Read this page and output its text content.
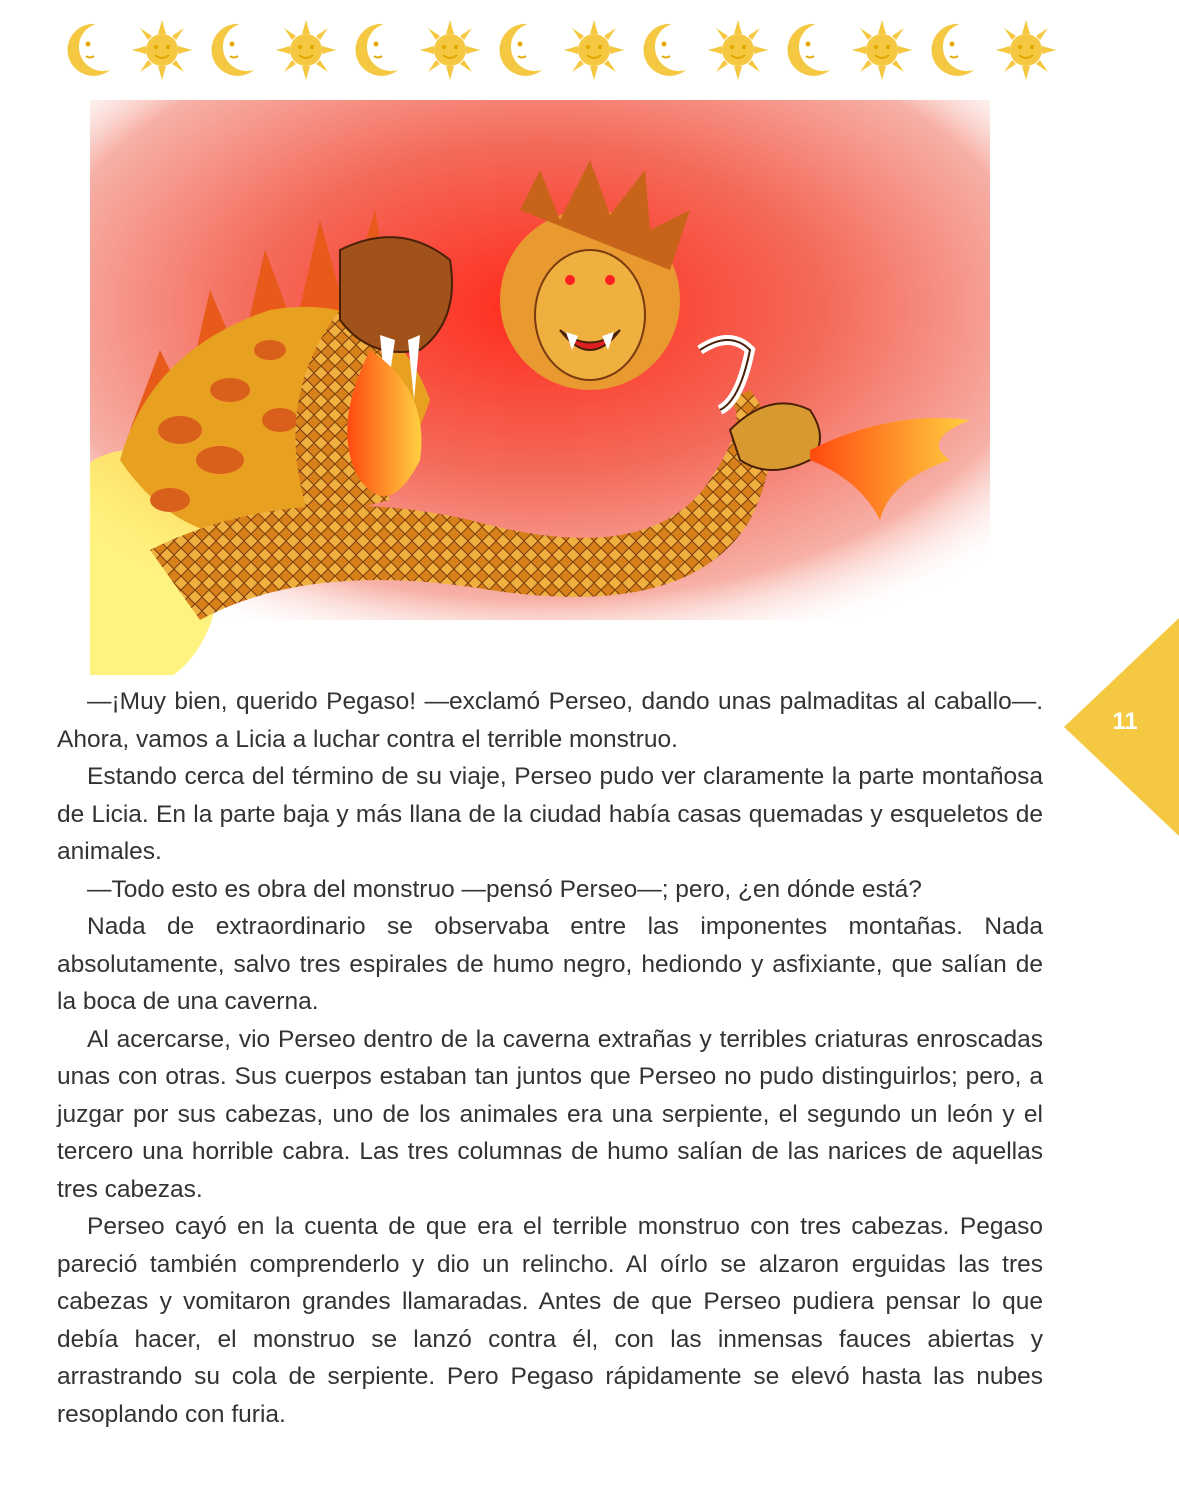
11

—¡Muy bien, querido Pegaso! —exclamó Perseo, dando unas palmaditas al caballo—. Ahora, vamos a Licia a luchar contra el terrible monstruo.

Estando cerca del término de su viaje, Perseo pudo ver claramente la parte montañosa de Licia. En la parte baja y más llana de la ciudad había casas quemadas y esqueletos de animales.

—Todo esto es obra del monstruo —pensó Perseo—; pero, ¿en dónde está?

Nada de extraordinario se observaba entre las imponentes montañas. Nada absolutamente, salvo tres espirales de humo negro, hediondo y asfixiante, que salían de la boca de una caverna.

Al acercarse, vio Perseo dentro de la caverna extrañas y terribles criaturas enroscadas unas con otras. Sus cuerpos estaban tan juntos que Perseo no pudo distinguirlos; pero, a juzgar por sus cabezas, uno de los animales era una serpiente, el segundo un león y el tercero una horrible cabra. Las tres columnas de humo salían de las narices de aquellas tres cabezas.

Perseo cayó en la cuenta de que era el terrible monstruo con tres cabezas. Pegaso pareció también comprenderlo y dio un relincho. Al oírlo se alzaron erguidas las tres cabezas y vomitaron grandes llamaradas. Antes de que Perseo pudiera pensar lo que debía hacer, el monstruo se lanzó contra él, con las inmensas fauces abiertas y arrastrando su cola de serpiente. Pero Pegaso rápidamente se elevó hasta las nubes resoplando con furia.
